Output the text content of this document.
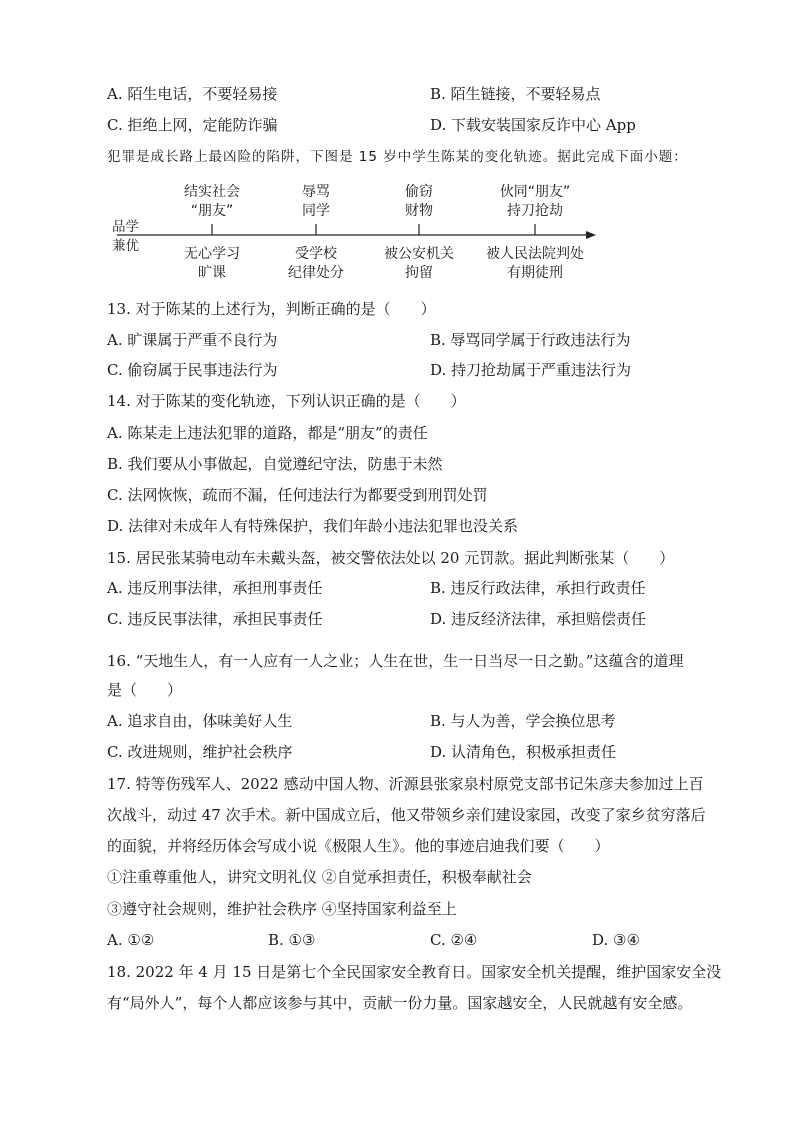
A. 陌生电话，不要轻易接	B. 陌生链接，不要轻易点
C. 拒绝上网，定能防诈骗	D. 下载安装国家反诈中心 App
犯罪是成长路上最凶险的陷阱，下图是 15 岁中学生陈某的变化轨迹。据此完成下面小题：
品学
兼优
结实社会
“朋友”
辱骂
同学
偷窃
财物
伙同“朋友”
持刀抢劫
无心学习
旷课
受学校
纪律处分
被公安机关
拘留
被人民法院判处
有期徒刑
13. 对于陈某的上述行为，判断正确的是（　　）
A. 旷课属于严重不良行为	B. 辱骂同学属于行政违法行为
C. 偷窃属于民事违法行为	D. 持刀抢劫属于严重违法行为
14. 对于陈某的变化轨迹，下列认识正确的是（　　）
A. 陈某走上违法犯罪的道路，都是“朋友”的责任
B. 我们要从小事做起，自觉遵纪守法，防患于未然
C. 法网恢恢，疏而不漏，任何违法行为都要受到刑罚处罚
D. 法律对未成年人有特殊保护，我们年龄小违法犯罪也没关系
15. 居民张某骑电动车未戴头盔，被交警依法处以 20 元罚款。据此判断张某（　　）
A. 违反刑事法律，承担刑事责任	B. 违反行政法律，承担行政责任
C. 违反民事法律，承担民事责任	D. 违反经济法律，承担赔偿责任
16. “天地生人，有一人应有一人之业；人生在世，生一日当尽一日之勤。”这蕴含的道理
是（　　）
A. 追求自由，体味美好人生	B. 与人为善，学会换位思考
C. 改进规则，维护社会秩序	D. 认清角色，积极承担责任
17. 特等伤残军人、2022 感动中国人物、沂源县张家泉村原党支部书记朱彦夫参加过上百
次战斗，动过 47 次手术。新中国成立后，他又带领乡亲们建设家园，改变了家乡贫穷落后
的面貌，并将经历体会写成小说《极限人生》。他的事迹启迪我们要（　　）
①注重尊重他人，讲究文明礼仪 ②自觉承担责任，积极奉献社会
③遵守社会规则，维护社会秩序 ④坚持国家利益至上
A. ①②	B. ①③	C. ②④	D. ③④
18. 2022 年 4 月 15 日是第七个全民国家安全教育日。国家安全机关提醒，维护国家安全没
有“局外人”，每个人都应该参与其中，贡献一份力量。国家越安全，人民就越有安全感。
